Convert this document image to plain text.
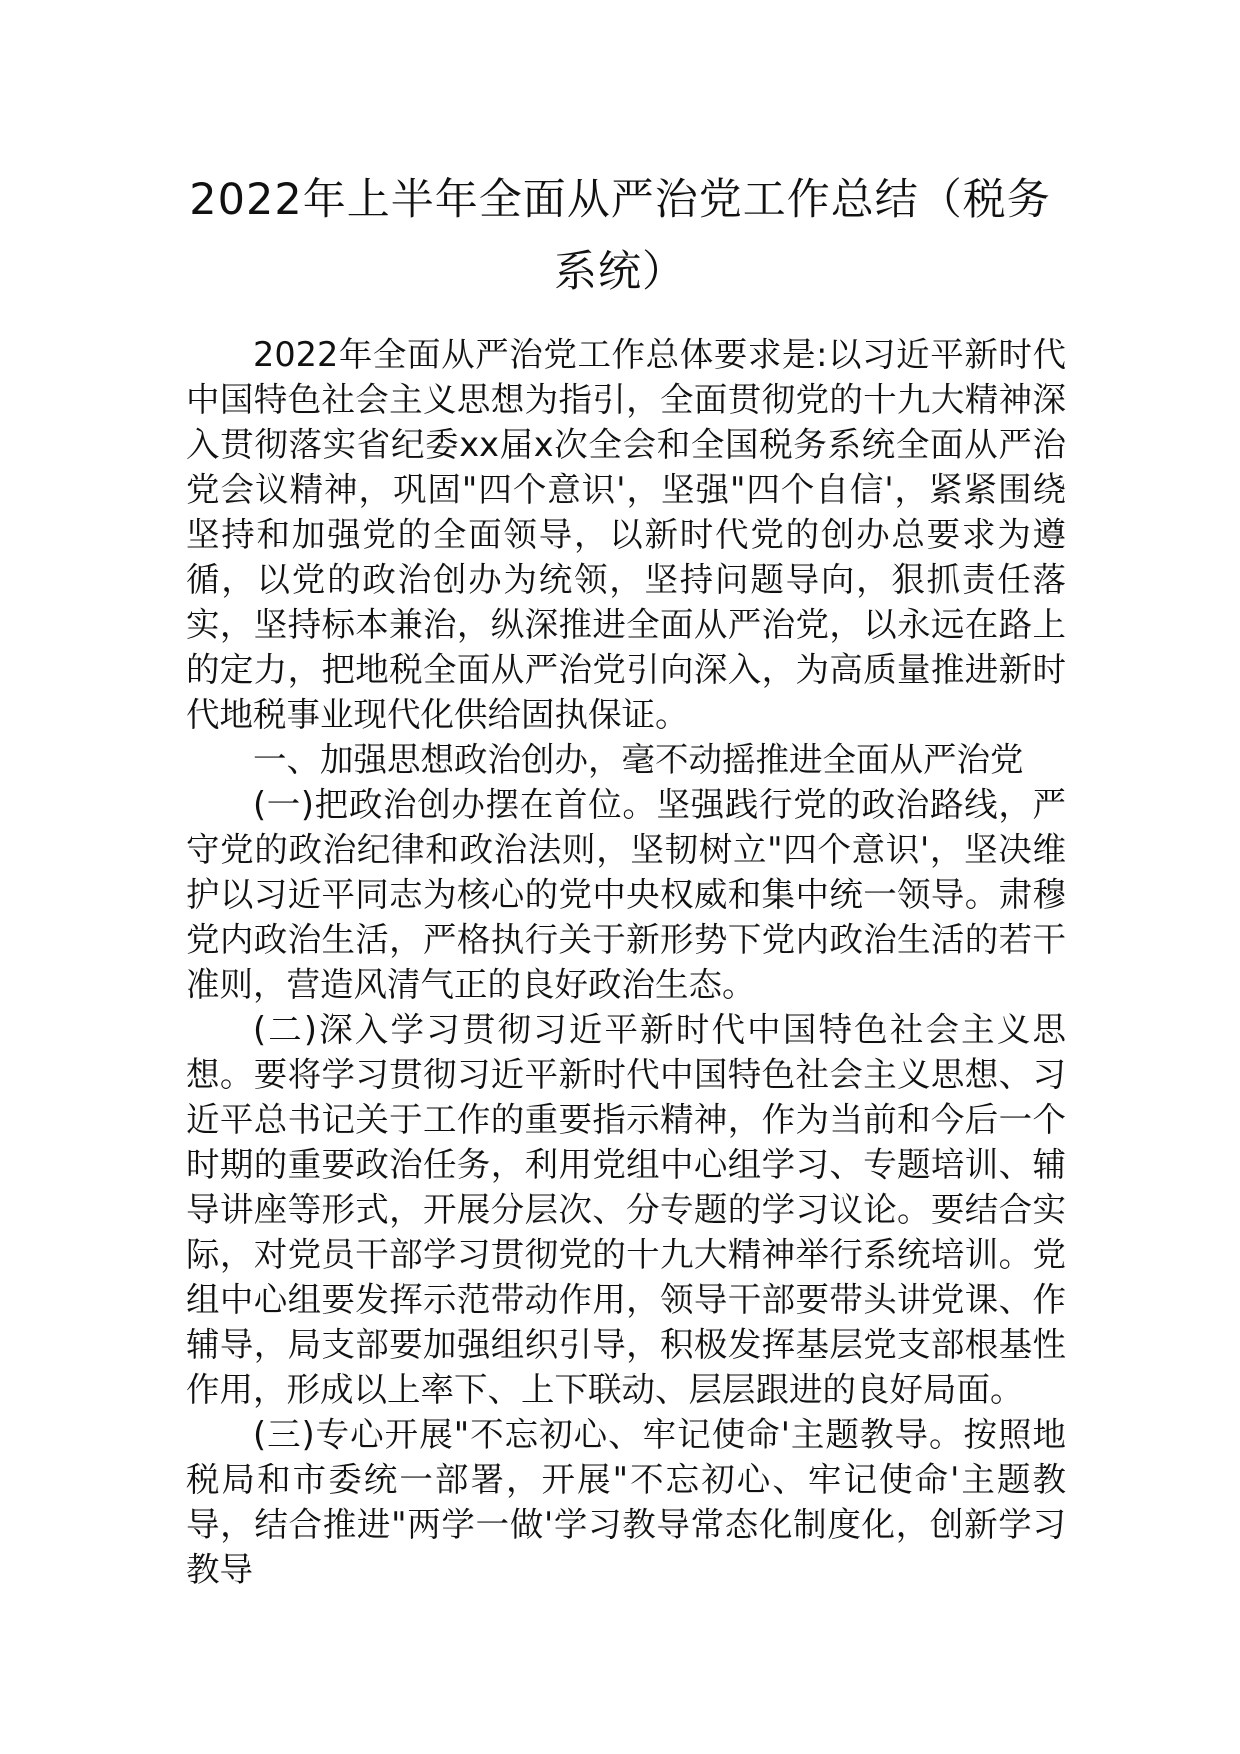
2022年上半年全面从严治党工作总结（税务系统）

2022年全面从严治党工作总体要求是:以习近平新时代中国特色社会主义思想为指引，全面贯彻党的十九大精神深入贯彻落实省纪委xx届x次全会和全国税务系统全面从严治党会议精神，巩固"四个意识'，坚强"四个自信'，紧紧围绕坚持和加强党的全面领导，以新时代党的创办总要求为遵循，以党的政治创办为统领，坚持问题导向，狠抓责任落实，坚持标本兼治，纵深推进全面从严治党，以永远在路上的定力，把地税全面从严治党引向深入，为高质量推进新时代地税事业现代化供给固执保证。

一、加强思想政治创办，毫不动摇推进全面从严治党

(一)把政治创办摆在首位。坚强践行党的政治路线，严守党的政治纪律和政治法则，坚韧树立"四个意识'，坚决维护以习近平同志为核心的党中央权威和集中统一领导。肃穆党内政治生活，严格执行关于新形势下党内政治生活的若干准则，营造风清气正的良好政治生态。

(二)深入学习贯彻习近平新时代中国特色社会主义思想。要将学习贯彻习近平新时代中国特色社会主义思想、习近平总书记关于工作的重要指示精神，作为当前和今后一个时期的重要政治任务，利用党组中心组学习、专题培训、辅导讲座等形式，开展分层次、分专题的学习议论。要结合实际，对党员干部学习贯彻党的十九大精神举行系统培训。党组中心组要发挥示范带动作用，领导干部要带头讲党课、作辅导，局支部要加强组织引导，积极发挥基层党支部根基性作用，形成以上率下、上下联动、层层跟进的良好局面。

(三)专心开展"不忘初心、牢记使命'主题教导。按照地税局和市委统一部署，开展"不忘初心、牢记使命'主题教导，结合推进"两学一做'学习教导常态化制度化，创新学习教导
